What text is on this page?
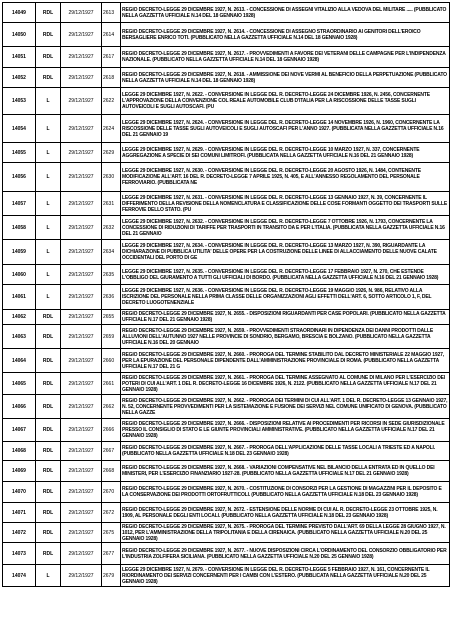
14049	RDL	29/12/1927	2613	REGIO DECRETO-LEGGE 29 DICEMBRE 1927, N. 2613. - CONCESSIONE DI ASSEGNI VITALIZIO ALLA VEDOVA DEL MILITARE ..... (PUBBLICATO NELLA GAZZETTA UFFICIALE N.14 DEL 18 GENNAIO 1928)

14050	RDL	29/12/1927	2614	REGIO DECRETO-LEGGE 29 DICEMBRE 1927, N. 2614. - CONCESSIONE DI ASSEGNO STRAORDINARIO AI GENITORI DELL'EROICO BERSAGLIERE ENRICO TOTI. (PUBBLICATO NELLA GAZZETTA UFFICIALE N.14 DEL 18 GENNAIO 1928)

14051	RDL	29/12/1927	2617	REGIO DECRETO-LEGGE 29 DICEMBRE 1927, N. 2617. - PROVVEDIMENTI A FAVORE DEI VETERANI DELLE CAMPAGNE PER L'INDIPENDENZA NAZIONALE. (PUBBLICATO NELLA GAZZETTA UFFICIALE N.14 DEL 18 GENNAIO 1928)

14052	RDL	29/12/1927	2618	REGIO DECRETO-LEGGE 29 DICEMBRE 1927, N. 2618. - AMMISSIONE DEI NOVE VERMI AL BENEFICIO DELLA PERPETUAZIONE (PUBBLICATO NELLA GAZZETTA UFFICIALE N.14 DEL 18 GENNAIO 1928)

14053	L	29/12/1927	2622	LEGGE 29 DICEMBRE 1927, N. 2622. - CONVERSIONE IN LEGGE DEL R. DECRETO-LEGGE 24 DICEMBRE 1926, N. 2456, CONCERNENTE L'APPROVAZIONE DELLA CONVENZIONE COL REALE AUTOMOBILE CLUB D'ITALIA PER LA RISCOSSIONE DELLE TASSE SUGLI AUTOVEICOLI E SUGLI AUTOSCAFI. (PU

14054	L	29/12/1927	2624	LEGGE 29 DICEMBRE 1927, N. 2624. - CONVERSIONE IN LEGGE DEL R. DECRETO-LEGGE 14 NOVEMBRE 1926, N. 1960, CONCERNENTE LA RISCOSSIONE DELLE TASSE SUGLI AUTOVEICOLI E SUGLI AUTOSCAFI PER L'ANNO 1927. (PUBBLICATA NELLA GAZZETTA UFFICIALE N.16 DEL 21 GENNAIO 19

14055	L	29/12/1927	2629	LEGGE 29 DICEMBRE 1927, N. 2629. - CONVERSIONE IN LEGGE DEL R. DECRETO-LEGGE 10 MARZO 1927, N. 337, CONCERNENTE AGGREGAZIONE A SPECIE DI SEI COMUNI LIMITROFI. (PUBBLICATA NELLA GAZZETTA UFFICIALE N.16 DEL 21 GENNAIO 1928)

14056	L	29/12/1927	2630	LEGGE 29 DICEMBRE 1927, N. 2630. - CONVERSIONE IN LEGGE DEL R. DECRETO-LEGGE 20 AGOSTO 1926, N. 1484, CONTENENTE MODIFICAZIONE ALL'ART. 16 DEL R. DECRETO-LEGGE 7 APRILE 1925, N. 405, E ALL'ANNESSO REGOLAMENTO DEL PERSONALE FERROVIARIO. (PUBBLICATA NE

14057	L	29/12/1927	2631	LEGGE 29 DICEMBRE 1927, N. 2631. - CONVERSIONE IN LEGGE DEL R. DECRETO-LEGGE 13 GENNAIO 1927, N. 39, CONCERNENTE IL DIFFERIMENTO DELLA REVISIONE DELLA NOMENCLATURA E CLASSIFICAZIONE DELLE COSE FORMANTI OGGETTO DEI TRASPORTI SULLE FERROVIE DELLO STATO. (PU

14058	L	29/12/1927	2632	LEGGE 29 DICEMBRE 1927, N. 2632. - CONVERSIONE IN LEGGE DEL R. DECRETO-LEGGE 7 OTTOBRE 1926, N. 1793, CONCERNENTE LA CONCESSIONE DI RIDUZIONI DI TARIFFE PER TRASPORTI IN TRANSITO DA E PER L'ITALIA. (PUBBLICATA NELLA GAZZETTA UFFICIALE N.16 DEL 21 GENNAIO

14059	L	29/12/1927	2634	LEGGE 29 DICEMBRE 1927, N. 2634. - CONVERSIONE IN LEGGE DEL R. DECRETO-LEGGE 13 MARZO 1927, N. 390, RIGUARDANTE LA DICHIARAZIONE DI PUBBLICA UTILITA' DELLE OPERE PER LA COSTRUZIONE DELLE LINEE DI ALLACCIAMENTO DELLE NUOVE CALATE OCCIDENTALI DEL PORTO DI GE

14060	L	29/12/1927	2635	LEGGE 29 DICEMBRE 1927, N. 2635. - CONVERSIONE IN LEGGE DEL R. DECRETO-LEGGE 17 FEBBRAIO 1927, N. 270, CHE ESTENDE L'OBBLIGO DEL GIURAMENTO A TUTTI GLI UFFICIALI DI BORDO. (PUBBLICATA NELLA GAZZETTA UFFICIALE N.16 DEL 21 GENNAIO 1928)

14061	L	29/12/1927	2636	LEGGE 29 DICEMBRE 1927, N. 2636. - CONVERSIONE IN LEGGE DEL R. DECRETO-LEGGE 19 MAGGIO 1926, N. 986, RELATIVO ALLA ISCRIZIONE DEL PERSONALE NELLA PRIMA CLASSE DELLE ORGANIZZAZIONI AGLI EFFETTI DELL'ART. 6, SOTTO ARTICOLO 1, F, DEL DECRETO LUOGOTENENZIALE

14062	RDL	29/12/1927	2655	REGIO DECRETO-LEGGE 29 DICEMBRE 1927, N. 2655. - DISPOSIZIONI RIGUARDANTI PER CASE POPOLARI. (PUBBLICATO NELLA GAZZETTA UFFICIALE N.17 DEL 21 GENNAIO 1928)

14063	RDL	29/12/1927	2659	REGIO DECRETO-LEGGE 29 DICEMBRE 1927, N. 2659. - PROVVEDIMENTI STRAORDINARI IN DIPENDENZA DEI DANNI PRODOTTI DALLE ALLUVIONI DELL'AUTUNNO 1927 NELLE PROVINCIE DI SONDRIO, BERGAMO, BRESCIA E BOLZANO. (PUBBLICATO NELLA GAZZETTA UFFICIALE N.16 DEL 20 GENNAIO

14064	RDL	29/12/1927	2660	REGIO DECRETO-LEGGE 29 DICEMBRE 1927, N. 2660. - PROROGA DEL TERMINE STABILITO DAL DECRETO MINISTERIALE 22 MAGGIO 1927, PER LA EPURAZIONE DEL PERSONALE DIPENDENTE DALL'AMMINISTRAZIONE PROVINCIALE DI ROMA. (PUBBLICATO NELLA GAZZETTA UFFICIALE N.17 DEL 21 G

14065	RDL	29/12/1927	2661	REGIO DECRETO-LEGGE 29 DICEMBRE 1927, N. 2661. - PROROGA DEL TERMINE ASSEGNATO AL COMUNE DI MILANO PER L'ESERCIZIO DEI POTERI DI CUI ALL'ART. 1 DEL R. DECRETO-LEGGE 16 DICEMBRE 1926, N. 2122. (PUBBLICATO NELLA GAZZETTA UFFICIALE N.17 DEL 21 GENNAIO 1928)

14066	RDL	29/12/1927	2662	REGIO DECRETO-LEGGE 29 DICEMBRE 1927, N. 2662. - PROROGA DEI TERMINI DI CUI ALL'ART. 1 DEL R. DECRETO-LEGGE 13 GENNAIO 1927, N. 52, CONCERNENTE PROVVEDIMENTI PER LA SISTEMAZIONE E FUSIONE DEI SERVIZI NEL COMUNE UNIFICATO DI GENOVA. (PUBBLICATO NELLA GAZZE

14067	RDL	29/12/1927	2666	REGIO DECRETO-LEGGE 29 DICEMBRE 1927, N. 2666. - DISPOSIZIONI RELATIVE AI PROCEDIMENTI PER RICORSI IN SEDE GIURISDIZIONALE PRESSO IL CONSIGLIO DI STATO E LE GIUNTE PROVINCIALI AMMINISTRATIVE. (PUBBLICATO NELLA GAZZETTA UFFICIALE N.17 DEL 21 GENNAIO 1928)

14068	RDL	29/12/1927	2667	REGIO DECRETO-LEGGE 29 DICEMBRE 1927, N. 2667. - PROROGA DELL'APPLICAZIONE DELLE TASSE LOCALI A TRIESTE ED A NAPOLI. (PUBBLICATO NELLA GAZZETTA UFFICIALE N.18 DEL 23 GENNAIO 1928)

14069	RDL	29/12/1927	2668	REGIO DECRETO-LEGGE 29 DICEMBRE 1927, N. 2668. - VARIAZIONI COMPENSATIVE NEL BILANCIO DELLA ENTRATA ED IN QUELLO DEI MINISTERI, PER L'ESERCIZIO FINANZIARIO 1927-28. (PUBBLICATO NELLA GAZZETTA UFFICIALE N.17 DEL 21 GENNAIO 1928)

14070	RDL	29/12/1927	2670	REGIO DECRETO-LEGGE 29 DICEMBRE 1927, N. 2670. - COSTITUZIONE DI CONSORZI PER LA GESTIONE DI MAGAZZINI PER IL DEPOSITO E LA CONSERVAZIONE DEI PRODOTTI ORTOFRUTTICOLI. (PUBBLICATO NELLA GAZZETTA UFFICIALE N.18 DEL 23 GENNAIO 1928)

14071	RDL	29/12/1927	2672	REGIO DECRETO-LEGGE 29 DICEMBRE 1927, N. 2672. - ESTENSIONE DELLE NORME DI CUI AL R. DECRETO-LEGGE 23 OTTOBRE 1925, N. 1909, AL PERSONALE DEGLI ENTI LOCALI. (PUBBLICATO NELLA GAZZETTA UFFICIALE N.18 DEL 23 GENNAIO 1928)

14072	RDL	29/12/1927	2675	REGIO DECRETO-LEGGE 29 DICEMBRE 1927, N. 2675. - PROROGA DEL TERMINE PREVISTO DALL'ART. 69 DELLA LEGGE 28 GIUGNO 1927, N. 1012, PER L'AMMINISTRAZIONE DELLA TRIPOLITANIA E DELLA CIRENAICA. (PUBBLICATO NELLA GAZZETTA UFFICIALE N.20 DEL 25 GENNAIO 1928)

14073	RDL	29/12/1927	2677	REGIO DECRETO-LEGGE 29 DICEMBRE 1927, N. 2677. - NUOVE DISPOSIZIONI CIRCA L'ORDINAMENTO DEL CONSORZIO OBBLIGATORIO PER L'INDUSTRIA ZOLFIFERA SICILIANA. (PUBBLICATO NELLA GAZZETTA UFFICIALE N.20 DEL 25 GENNAIO 1928)

14074	L	29/12/1927	2679	LEGGE 29 DICEMBRE 1927, N. 2679. - CONVERSIONE IN LEGGE DEL R. DECRETO-LEGGE 5 FEBBRAIO 1927, N. 161, CONCERNENTE IL RIORDINAMENTO DEI SERVIZI CONCERNENTI PER I CAMBI CON L'ESTERO. (PUBBLICATA NELLA GAZZETTA UFFICIALE N.20 DEL 25 GENNAIO 1928)
